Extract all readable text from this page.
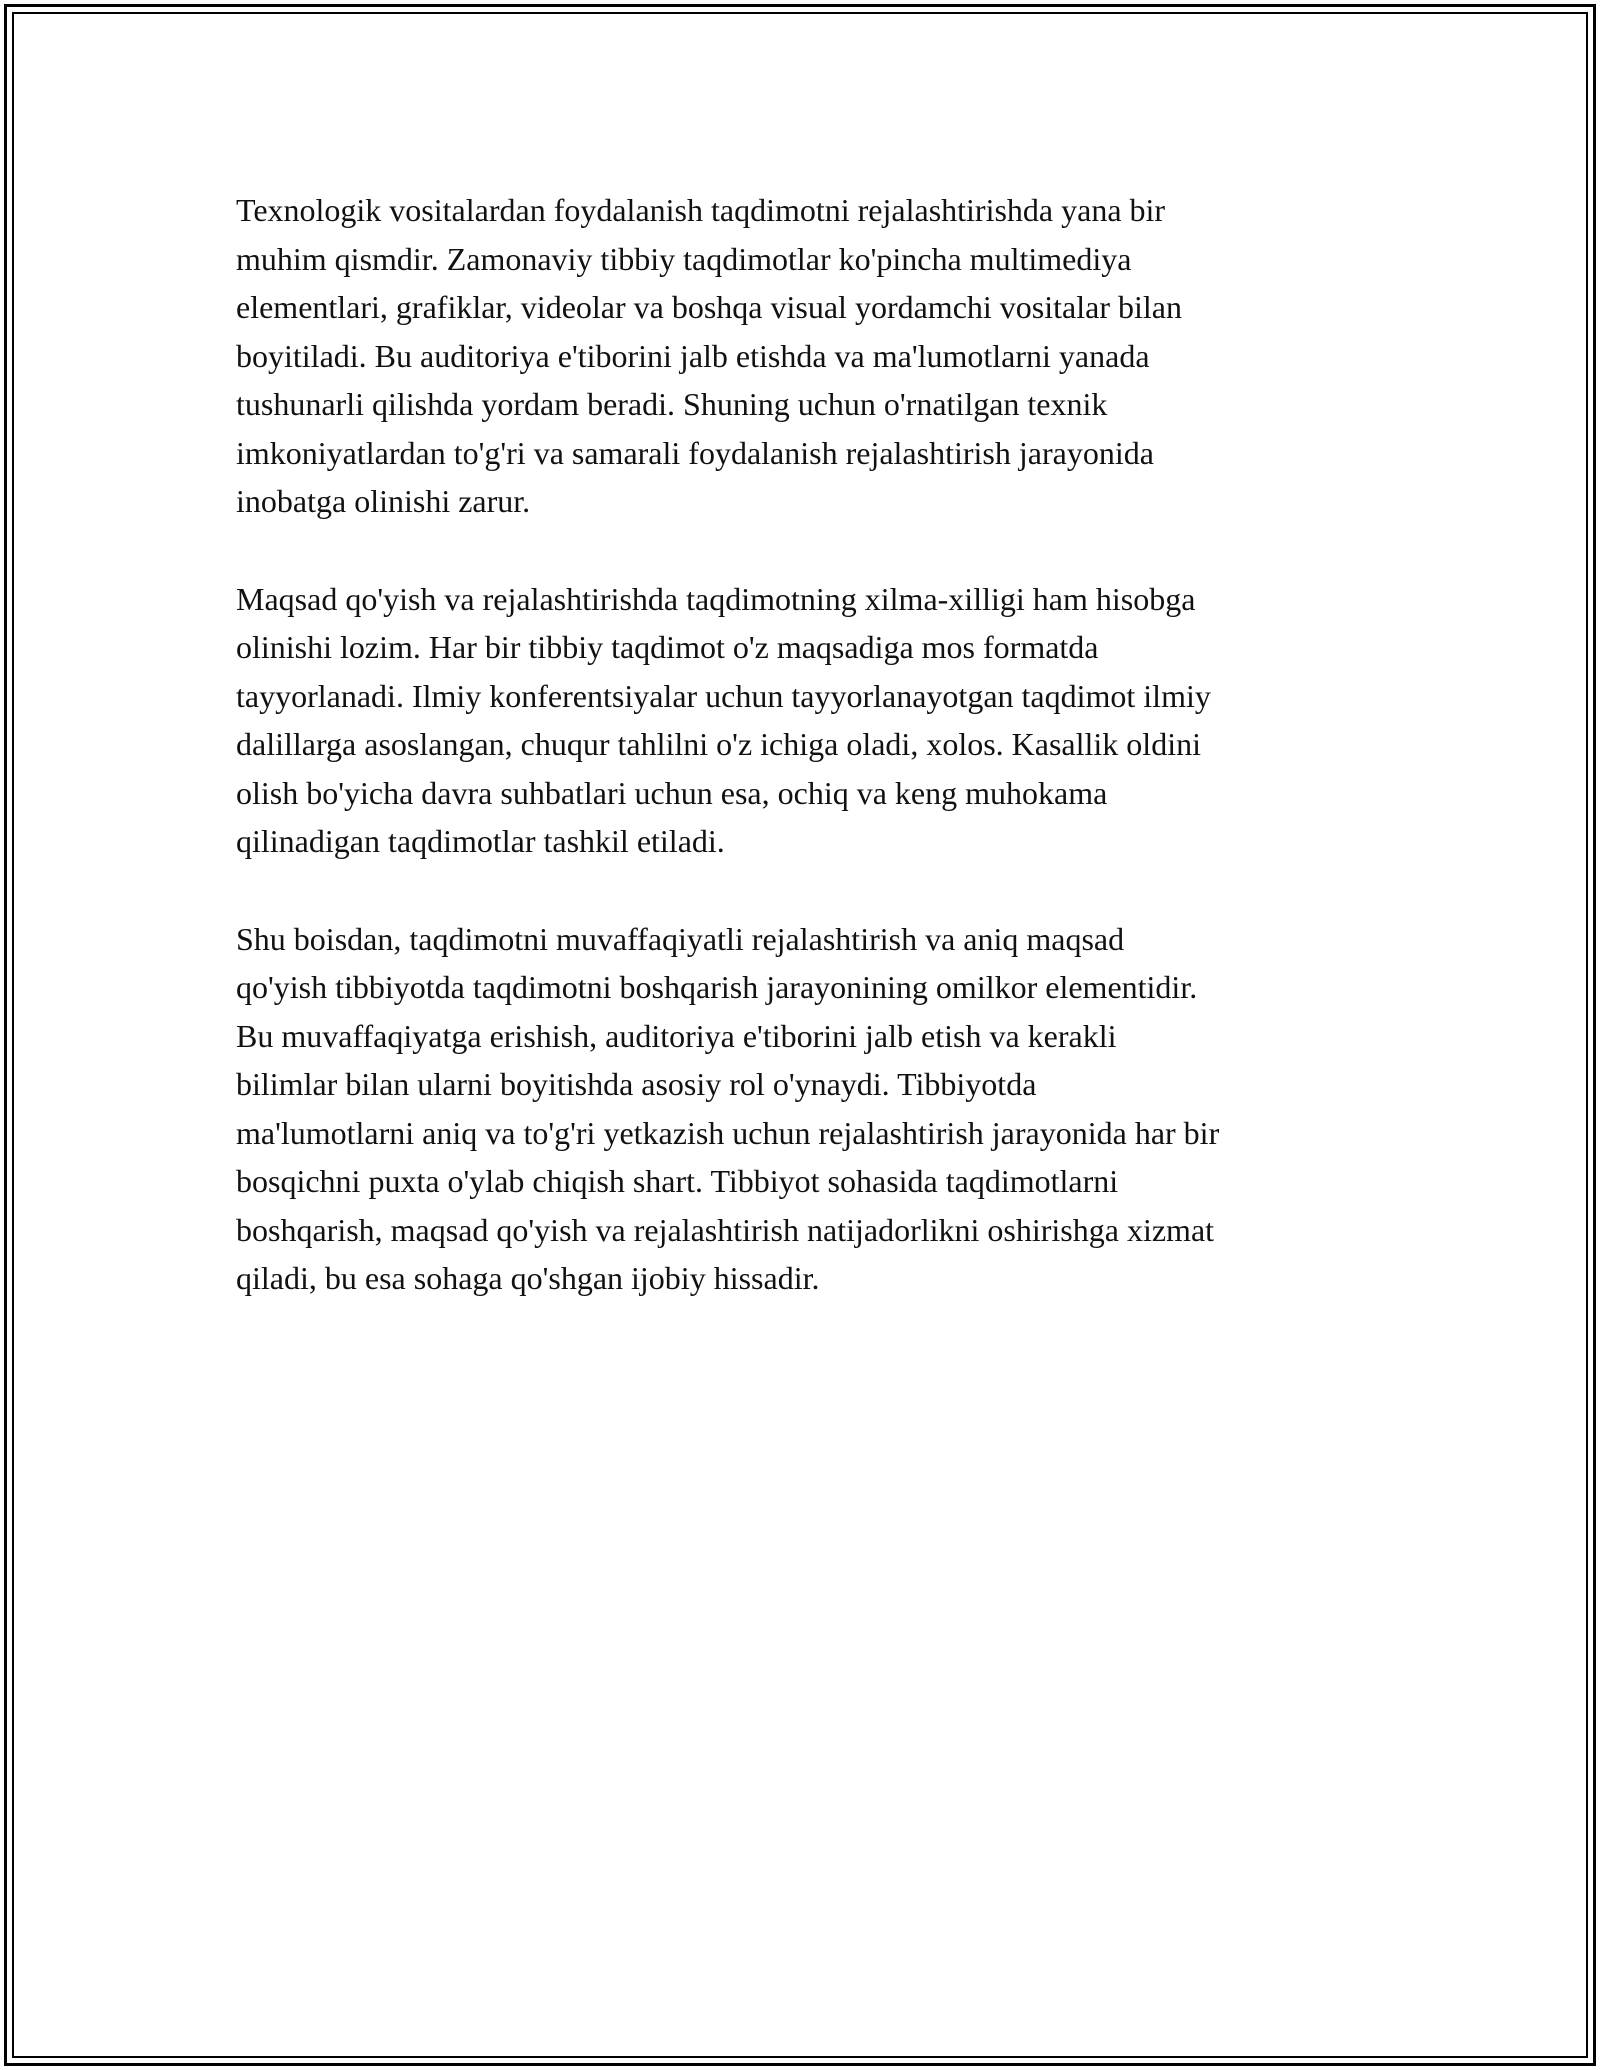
Texnologik vositalardan foydalanish taqdimotni rejalashtirishda yana bir
muhim qismdir. Zamonaviy tibbiy taqdimotlar ko'pincha multimediya
elementlari, grafiklar, videolar va boshqa visual yordamchi vositalar bilan
boyitiladi. Bu auditoriya e'tiborini jalb etishda va ma'lumotlarni yanada
tushunarli qilishda yordam beradi. Shuning uchun o'rnatilgan texnik
imkoniyatlardan to'g'ri va samarali foydalanish rejalashtirish jarayonida
inobatga olinishi zarur.

Maqsad qo'yish va rejalashtirishda taqdimotning xilma-xilligi ham hisobga
olinishi lozim. Har bir tibbiy taqdimot o'z maqsadiga mos formatda
tayyorlanadi. Ilmiy konferentsiyalar uchun tayyorlanayotgan taqdimot ilmiy
dalillarga asoslangan, chuqur tahlilni o'z ichiga oladi, xolos. Kasallik oldini
olish bo'yicha davra suhbatlari uchun esa, ochiq va keng muhokama
qilinadigan taqdimotlar tashkil etiladi.

Shu boisdan, taqdimotni muvaffaqiyatli rejalashtirish va aniq maqsad
qo'yish tibbiyotda taqdimotni boshqarish jarayonining omilkor elementidir.
Bu muvaffaqiyatga erishish, auditoriya e'tiborini jalb etish va kerakli
bilimlar bilan ularni boyitishda asosiy rol o'ynaydi. Tibbiyotda
ma'lumotlarni aniq va to'g'ri yetkazish uchun rejalashtirish jarayonida har bir
bosqichni puxta o'ylab chiqish shart. Tibbiyot sohasida taqdimotlarni
boshqarish, maqsad qo'yish va rejalashtirish natijadorlikni oshirishga xizmat
qiladi, bu esa sohaga qo'shgan ijobiy hissadir.
